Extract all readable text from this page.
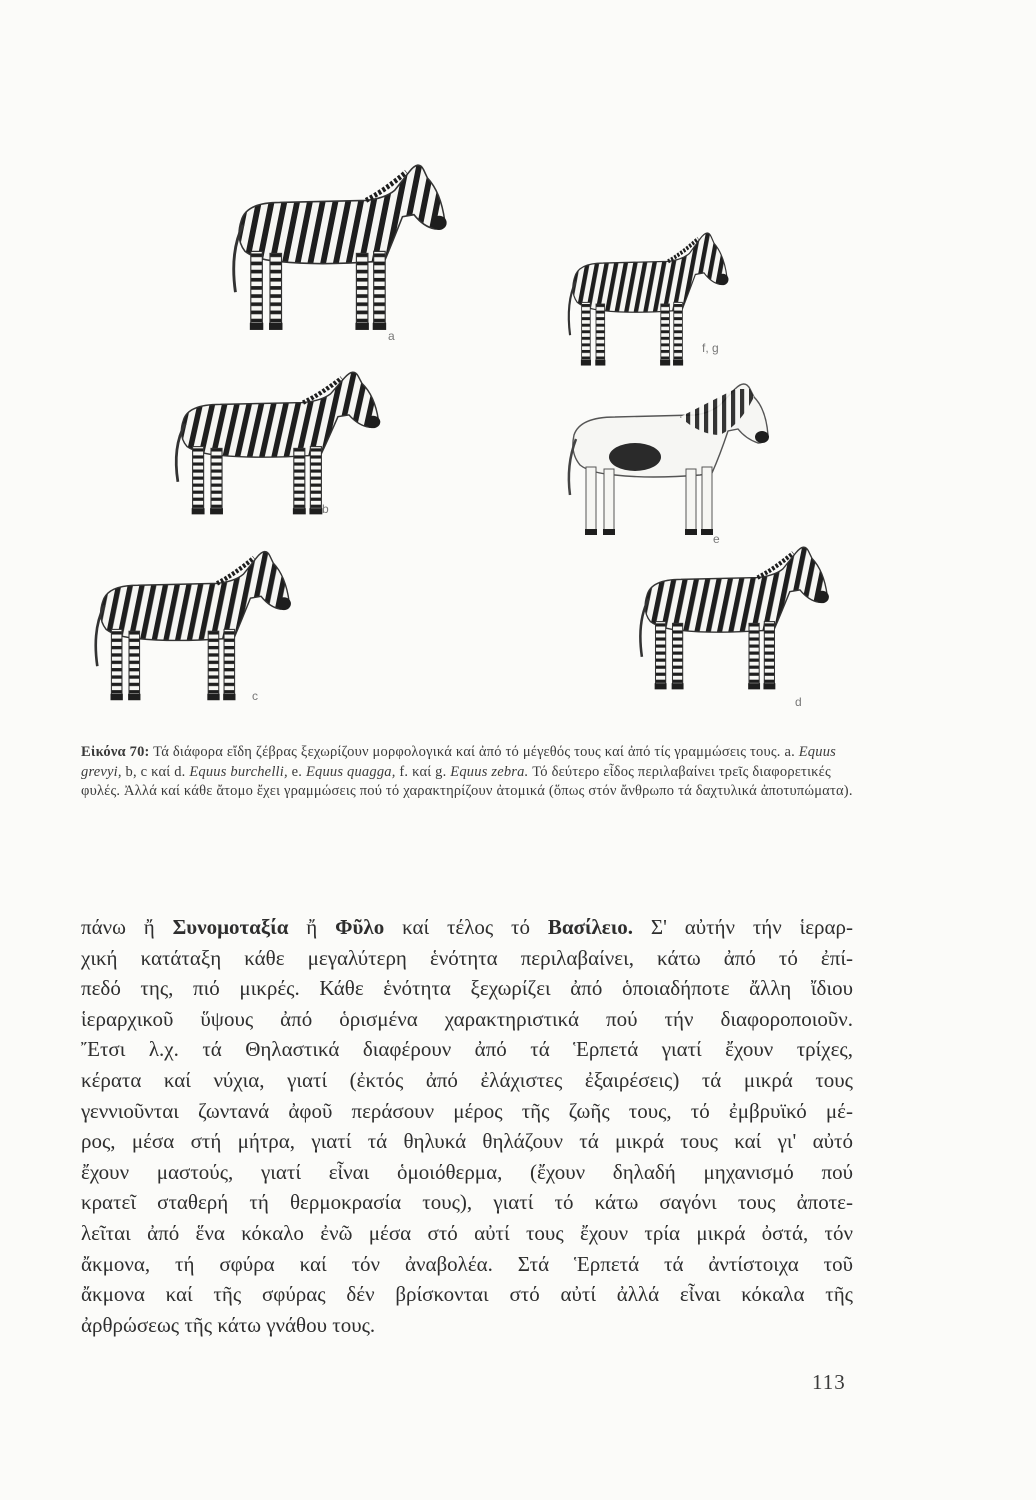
a
b
c
f, g
e
d
Εἰκόνα 70: Τά διάφορα εἴδη ζέβρας ξεχωρίζουν μορφολογικά καί ἀπό τό μέγεθός τους καί ἀπό τίς γραμμώσεις τους. a. Equus grevyi, b, c καί d. Equus burchelli, e. Equus quagga, f. καί g. Equus zebra. Τό δεύτερο εἶδος περιλαβαίνει τρεῖς διαφορετικές φυλές. Ἀλλά καί κάθε ἄτομο ἔχει γραμμώσεις πού τό χαρακτηρίζουν ἀτομικά (ὅπως στόν ἄνθρωπο τά δαχτυλικά ἀποτυπώματα).
πάνω ἤ Συνομοταξία ἤ Φῦλο καί τέλος τό Βασίλειο. Σ' αὐτήν τήν ἱεραρ-
χική κατάταξη κάθε μεγαλύτερη ἑνότητα περιλαβαίνει, κάτω ἀπό τό ἐπί-
πεδό της, πιό μικρές. Κάθε ἑνότητα ξεχωρίζει ἀπό ὁποιαδήποτε ἄλλη ἴδιου
ἱεραρχικοῦ ὕψους ἀπό ὁρισμένα χαρακτηριστικά πού τήν διαφοροποιοῦν.
Ἔτσι λ.χ. τά Θηλαστικά διαφέρουν ἀπό τά Ἑρπετά γιατί ἔχουν τρίχες,
κέρατα καί νύχια, γιατί (ἐκτός ἀπό ἐλάχιστες ἐξαιρέσεις) τά μικρά τους
γεννιοῦνται ζωντανά ἀφοῦ περάσουν μέρος τῆς ζωῆς τους, τό ἐμβρυϊκό μέ-
ρος, μέσα στή μήτρα, γιατί τά θηλυκά θηλάζουν τά μικρά τους καί γι' αὐτό
ἔχουν μαστούς, γιατί εἶναι ὁμοιόθερμα, (ἔχουν δηλαδή μηχανισμό πού
κρατεῖ σταθερή τή θερμοκρασία τους), γιατί τό κάτω σαγόνι τους ἀποτε-
λεῖται ἀπό ἕνα κόκαλο ἐνῶ μέσα στό αὐτί τους ἔχουν τρία μικρά ὀστά, τόν
ἄκμονα, τή σφύρα καί τόν ἀναβολέα. Στά Ἑρπετά τά ἀντίστοιχα τοῦ
ἄκμονα καί τῆς σφύρας δέν βρίσκονται στό αὐτί ἀλλά εἶναι κόκαλα τῆς
ἀρθρώσεως τῆς κάτω γνάθου τους.
113
